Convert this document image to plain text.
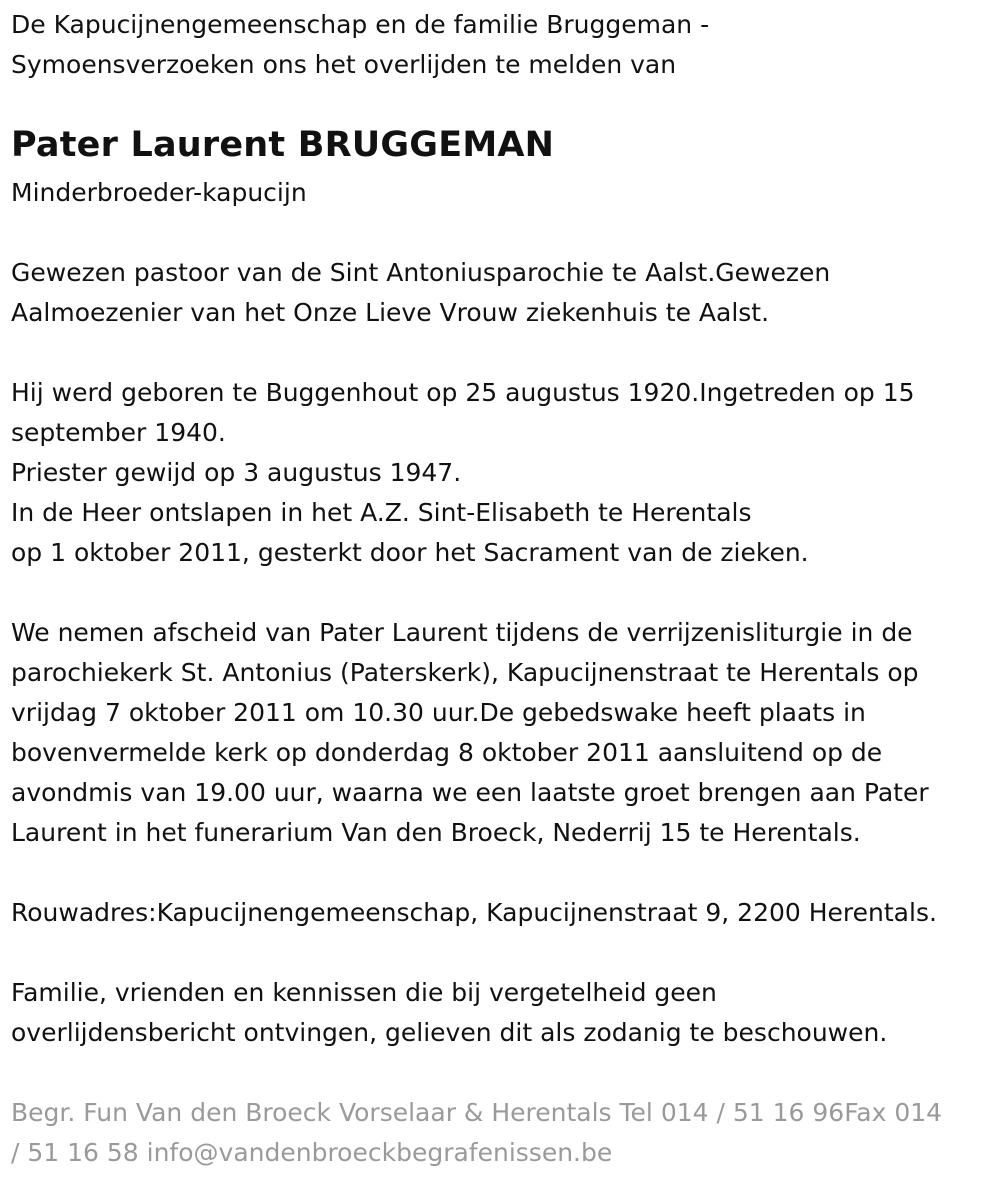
De Kapucijnengemeenschap en de familie Bruggeman -
Symoensverzoeken ons het overlijden te melden van
Pater Laurent BRUGGEMAN
Minderbroeder-kapucijn
Gewezen pastoor van de Sint Antoniusparochie te Aalst.Gewezen
Aalmoezenier van het Onze Lieve Vrouw ziekenhuis te Aalst.
Hij werd geboren te Buggenhout op 25 augustus 1920.Ingetreden op 15
september 1940.
Priester gewijd op 3 augustus 1947.
In de Heer ontslapen in het A.Z. Sint-Elisabeth te Herentals
op 1 oktober 2011, gesterkt door het Sacrament van de zieken.
We nemen afscheid van Pater Laurent tijdens de verrijzenisliturgie in de
parochiekerk St. Antonius (Paterskerk), Kapucijnenstraat te Herentals op
vrijdag 7 oktober 2011 om 10.30 uur.De gebedswake heeft plaats in
bovenvermelde kerk op donderdag 8 oktober 2011 aansluitend op de
avondmis van 19.00 uur, waarna we een laatste groet brengen aan Pater
Laurent in het funerarium Van den Broeck, Nederrij 15 te Herentals.
Rouwadres:Kapucijnengemeenschap, Kapucijnenstraat 9, 2200 Herentals.
Familie, vrienden en kennissen die bij vergetelheid geen
overlijdensbericht ontvingen, gelieven dit als zodanig te beschouwen.
Begr. Fun Van den Broeck Vorselaar & Herentals Tel 014 / 51 16 96Fax 014
/ 51 16 58 info@vandenbroeckbegrafenissen.be
